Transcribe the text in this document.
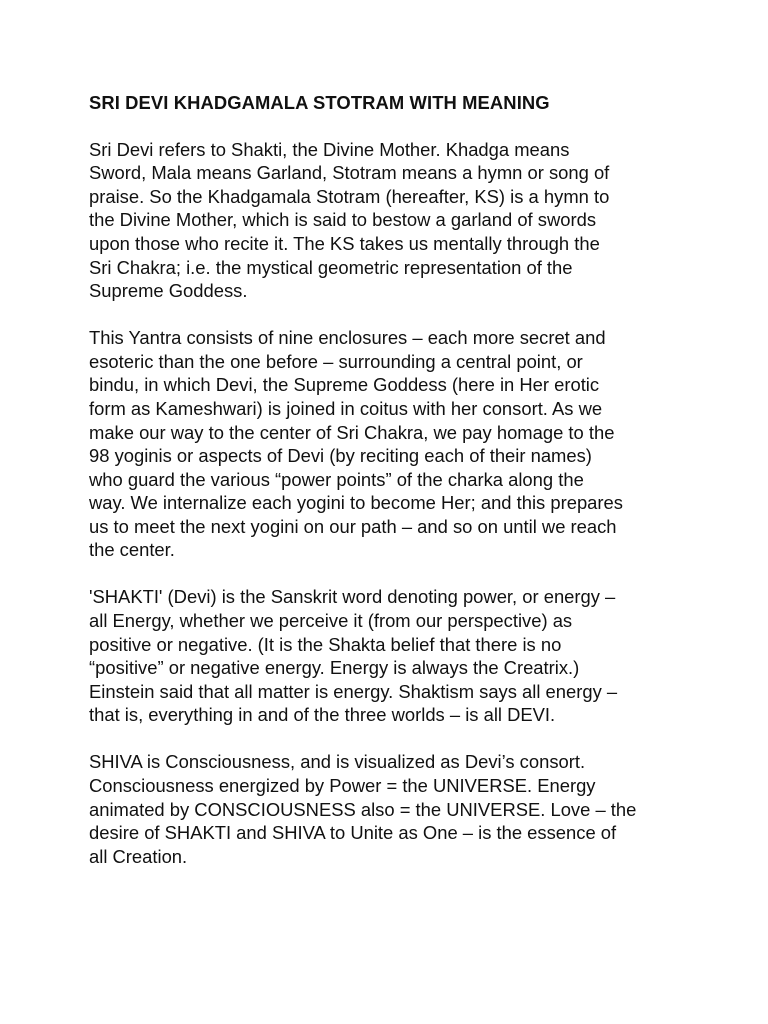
SRI DEVI KHADGAMALA STOTRAM WITH MEANING

Sri Devi refers to Shakti, the Divine Mother. Khadga means
Sword, Mala means Garland, Stotram means a hymn or song of
praise. So the Khadgamala Stotram (hereafter, KS) is a hymn to
the Divine Mother, which is said to bestow a garland of swords
upon those who recite it. The KS takes us mentally through the
Sri Chakra; i.e. the mystical geometric representation of the
Supreme Goddess.

This Yantra consists of nine enclosures – each more secret and
esoteric than the one before – surrounding a central point, or
bindu, in which Devi, the Supreme Goddess (here in Her erotic
form as Kameshwari) is joined in coitus with her consort. As we
make our way to the center of Sri Chakra, we pay homage to the
98 yoginis or aspects of Devi (by reciting each of their names)
who guard the various “power points” of the charka along the
way. We internalize each yogini to become Her; and this prepares
us to meet the next yogini on our path – and so on until we reach
the center.

'SHAKTI' (Devi) is the Sanskrit word denoting power, or energy –
all Energy, whether we perceive it (from our perspective) as
positive or negative. (It is the Shakta belief that there is no
“positive” or negative energy. Energy is always the Creatrix.)
Einstein said that all matter is energy. Shaktism says all energy –
that is, everything in and of the three worlds – is all DEVI.

SHIVA is Consciousness, and is visualized as Devi’s consort.
Consciousness energized by Power = the UNIVERSE. Energy
animated by CONSCIOUSNESS also = the UNIVERSE. Love – the
desire of SHAKTI and SHIVA to Unite as One – is the essence of
all Creation.
